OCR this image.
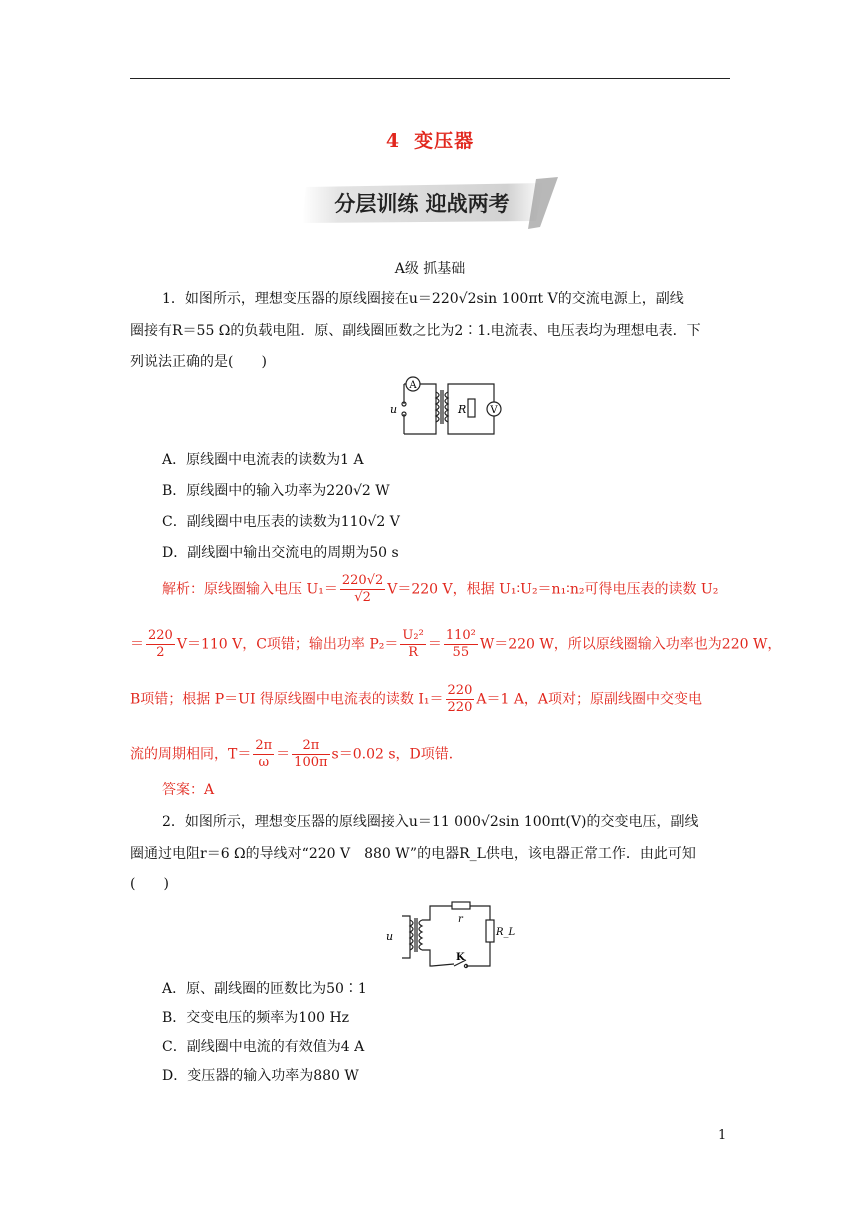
4 变压器
分层训练 迎战两考
A级 抓基础
1．如图所示，理想变压器的原线圈接在u＝220√2sin 100πt V的交流电源上，副线
圈接有R＝55 Ω的负载电阻．原、副线圈匝数之比为2∶1.电流表、电压表均为理想电表．下
列说法正确的是(　　)
A
u	R V
A．原线圈中电流表的读数为1 A
B．原线圈中的输入功率为220√2 W
C．副线圈中电压表的读数为110√2 V
D．副线圈中输出交流电的周期为50 s
解析：原线圈输入电压 $U_1= \frac{220√2}{√2} V=220$ V，根据 U₁∶U₂＝n₁∶n₂可得电压表的读数 U₂
＝ $\frac{220}{2} V=110$ V，C项错；输出功率 $P_2= \frac{\text{U₂²}}{R} = \frac{\text{110²}}{55} W=220$ W，所以原线圈输入功率也为220 W，
B项错；根据 P＝UI 得原线圈中电流表的读数 $I_1= \frac{220}{220} A=1$ A，A项对；原副线圈中交变电
流的周期相同，$T= \frac{2\pi}{\omega} = \frac{2\pi}{100\pi} s=0.02$ s，D项错．
答案：A
2．如图所示，理想变压器的原线圈接入u＝11 000√2sin 100πt(V)的交变电压，副线
圈通过电阻r＝6 Ω的导线对“220 V　880 W”的电器R_L供电，该电器正常工作．由此可知
(　　)
u
r
R_L
K
A．原、副线圈的匝数比为50∶1
B．交变电压的频率为100 Hz
C．副线圈中电流的有效值为4 A
D．变压器的输入功率为880 W
1
